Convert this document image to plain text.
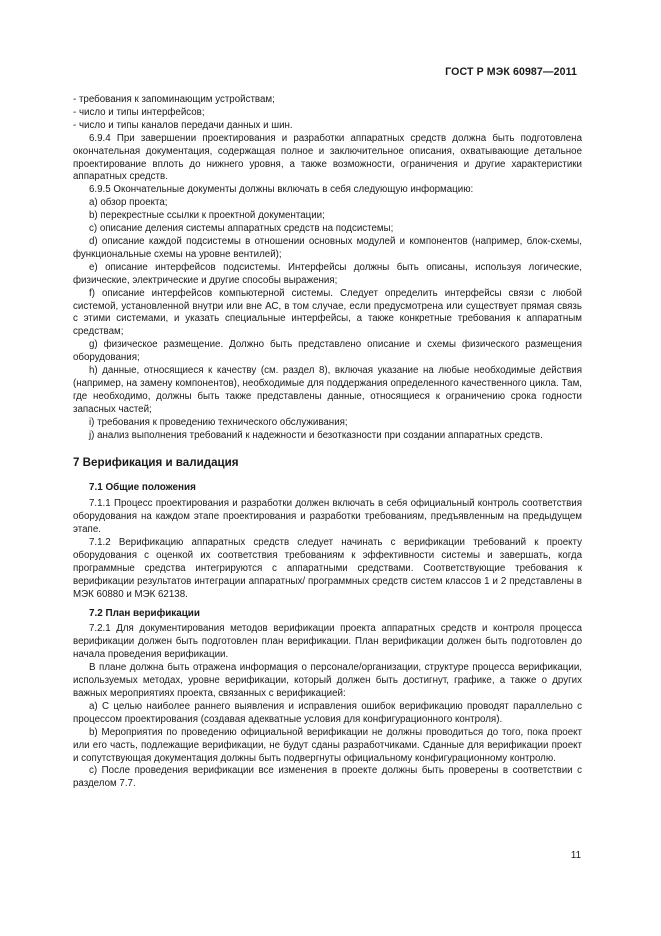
ГОСТ Р МЭК 60987—2011

- требования к запоминающим устройствам;

- число и типы интерфейсов;

- число и типы каналов передачи данных и шин.

6.9.4 При завершении проектирования и разработки аппаратных средств должна быть подготовлена окончательная документация, содержащая полное и заключительное описания, охватывающие детальное проектирование вплоть до нижнего уровня, а также возможности, ограничения и другие характеристики аппаратных средств.

6.9.5 Окончательные документы должны включать в себя следующую информацию:

a) обзор проекта;

b) перекрестные ссылки к проектной документации;

c) описание деления системы аппаратных средств на подсистемы;

d) описание каждой подсистемы в отношении основных модулей и компонентов (например, блок-схемы, функциональные схемы на уровне вентилей);

e) описание интерфейсов подсистемы. Интерфейсы должны быть описаны, используя логические, физические, электрические и другие способы выражения;

f) описание интерфейсов компьютерной системы. Следует определить интерфейсы связи с любой системой, установленной внутри или вне АС, в том случае, если предусмотрена или существует прямая связь с этими системами, и указать специальные интерфейсы, а также конкретные требования к аппаратным средствам;

g) физическое размещение. Должно быть представлено описание и схемы физического размещения оборудования;

h) данные, относящиеся к качеству (см. раздел 8), включая указание на любые необходимые действия (например, на замену компонентов), необходимые для поддержания определенного качественного цикла. Там, где необходимо, должны быть также представлены данные, относящиеся к ограничению срока годности запасных частей;

i) требования к проведению технического обслуживания;

j) анализ выполнения требований к надежности и безотказности при создании аппаратных средств.

7 Верификация и валидация

7.1 Общие положения

7.1.1 Процесс проектирования и разработки должен включать в себя официальный контроль соответствия оборудования на каждом этапе проектирования и разработки требованиям, предъявленным на предыдущем этапе.

7.1.2 Верификацию аппаратных средств следует начинать с верификации требований к проекту оборудования с оценкой их соответствия требованиям к эффективности системы и завершать, когда программные средства интегрируются с аппаратными средствами. Соответствующие требования к верификации результатов интеграции аппаратных/ программных средств систем классов 1 и 2 представлены в МЭК 60880 и МЭК 62138.

7.2 План верификации

7.2.1 Для документирования методов верификации проекта аппаратных средств и контроля процесса верификации должен быть подготовлен план верификации. План верификации должен быть подготовлен до начала проведения верификации.

В плане должна быть отражена информация о персонале/организации, структуре процесса верификации, используемых методах, уровне верификации, который должен быть достигнут, графике, а также о других важных мероприятиях проекта, связанных с верификацией:

a) С целью наиболее раннего выявления и исправления ошибок верификацию проводят параллельно с процессом проектирования (создавая адекватные условия для конфигурационного контроля).

b) Мероприятия по проведению официальной верификации не должны проводиться до того, пока проект или его часть, подлежащие верификации, не будут сданы разработчиками. Сданные для верификации проект и сопутствующая документация должны быть подвергнуты официальному конфигурационному контролю.

c) После проведения верификации все изменения в проекте должны быть проверены в соответствии с разделом 7.7.

11
